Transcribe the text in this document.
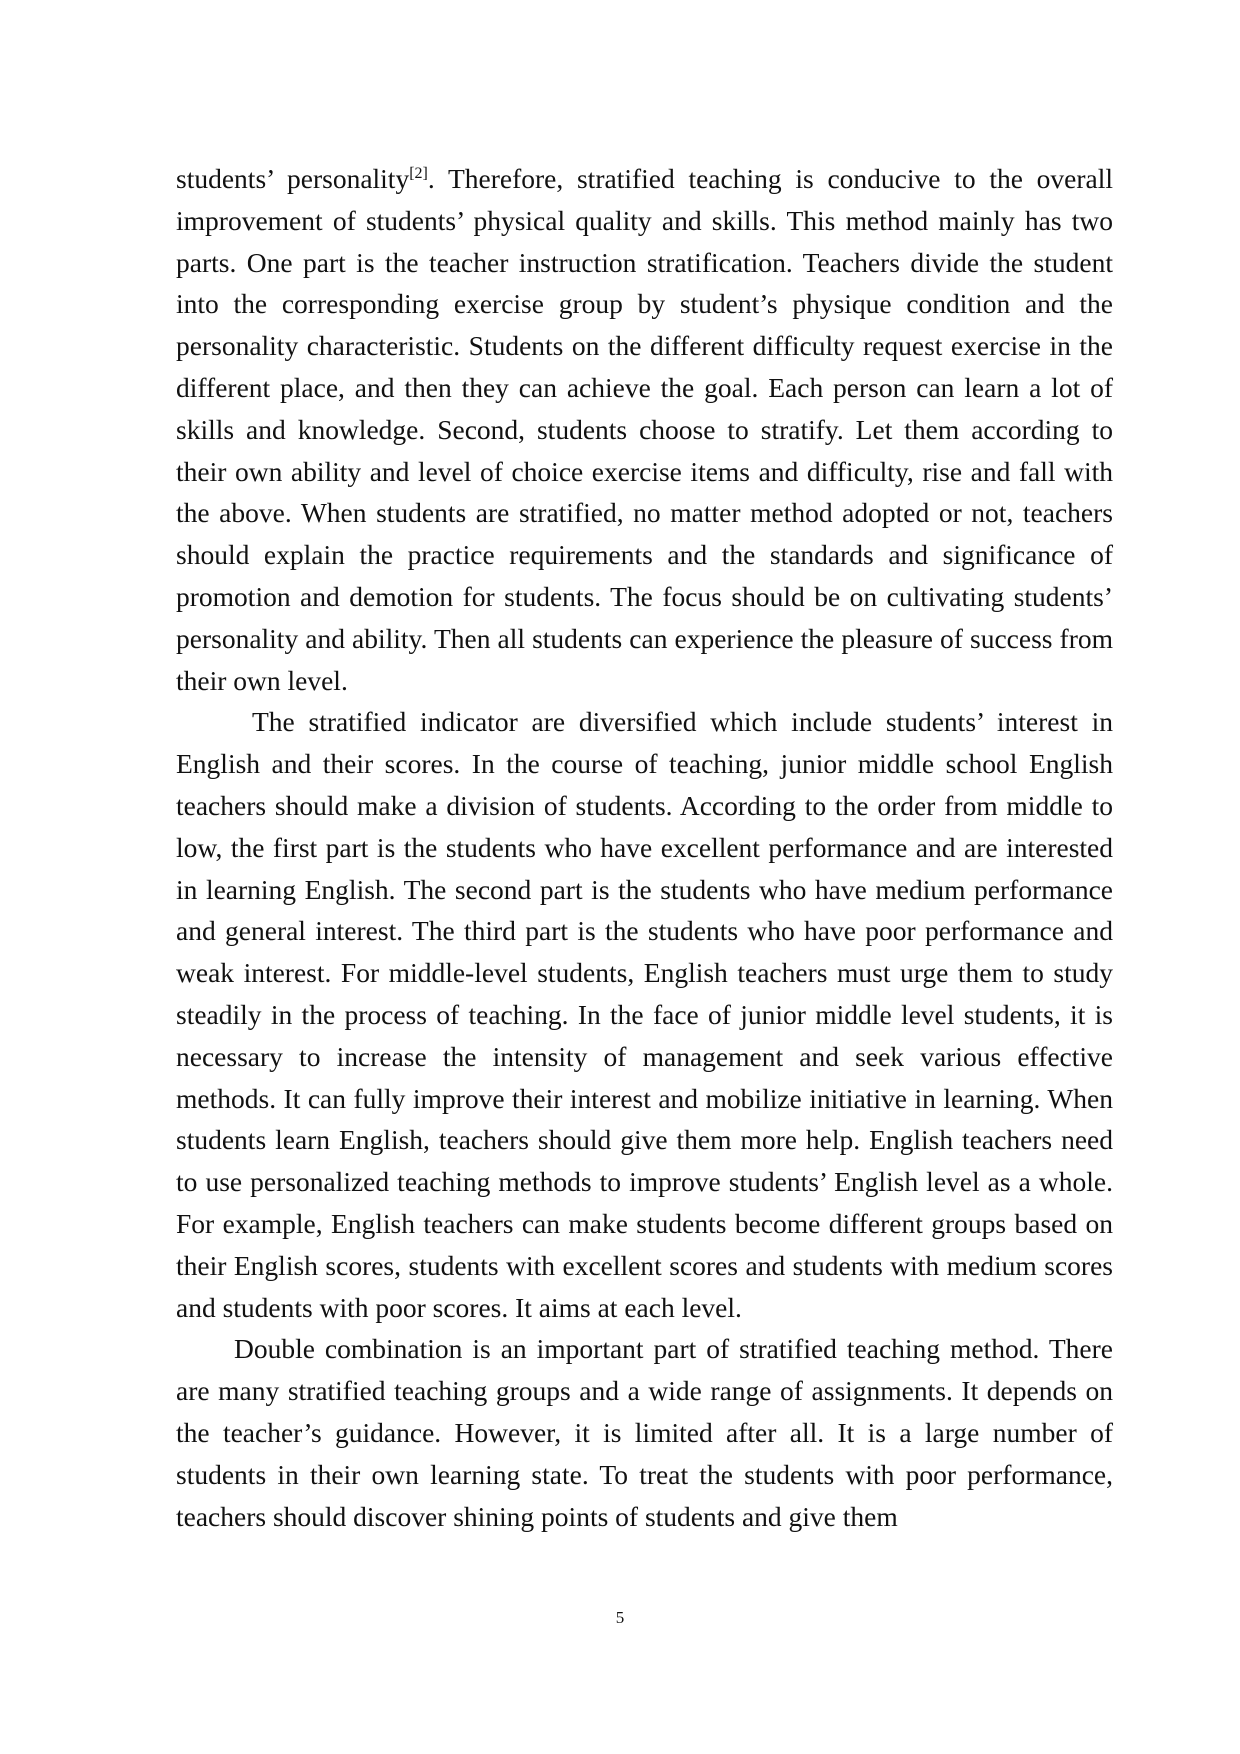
students’ personality[2]. Therefore, stratified teaching is conducive to the overall improvement of students’ physical quality and skills. This method mainly has two parts. One part is the teacher instruction stratification. Teachers divide the student into the corresponding exercise group by student’s physique condition and the personality characteristic. Students on the different difficulty request exercise in the different place, and then they can achieve the goal. Each person can learn a lot of skills and knowledge. Second, students choose to stratify. Let them according to their own ability and level of choice exercise items and difficulty, rise and fall with the above. When students are stratified, no matter method adopted or not, teachers should explain the practice requirements and the standards and significance of promotion and demotion for students. The focus should be on cultivating students’ personality and ability. Then all students can experience the pleasure of success from their own level.

The stratified indicator are diversified which include students’ interest in English and their scores. In the course of teaching, junior middle school English teachers should make a division of students. According to the order from middle to low, the first part is the students who have excellent performance and are interested in learning English. The second part is the students who have medium performance and general interest. The third part is the students who have poor performance and weak interest. For middle-level students, English teachers must urge them to study steadily in the process of teaching. In the face of junior middle level students, it is necessary to increase the intensity of management and seek various effective methods. It can fully improve their interest and mobilize initiative in learning. When students learn English, teachers should give them more help. English teachers need to use personalized teaching methods to improve students’ English level as a whole. For example, English teachers can make students become different groups based on their English scores, students with excellent scores and students with medium scores and students with poor scores. It aims at each level.

Double combination is an important part of stratified teaching method. There are many stratified teaching groups and a wide range of assignments. It depends on the teacher’s guidance. However, it is limited after all. It is a large number of students in their own learning state. To treat the students with poor performance, teachers should discover shining points of students and give them

5
